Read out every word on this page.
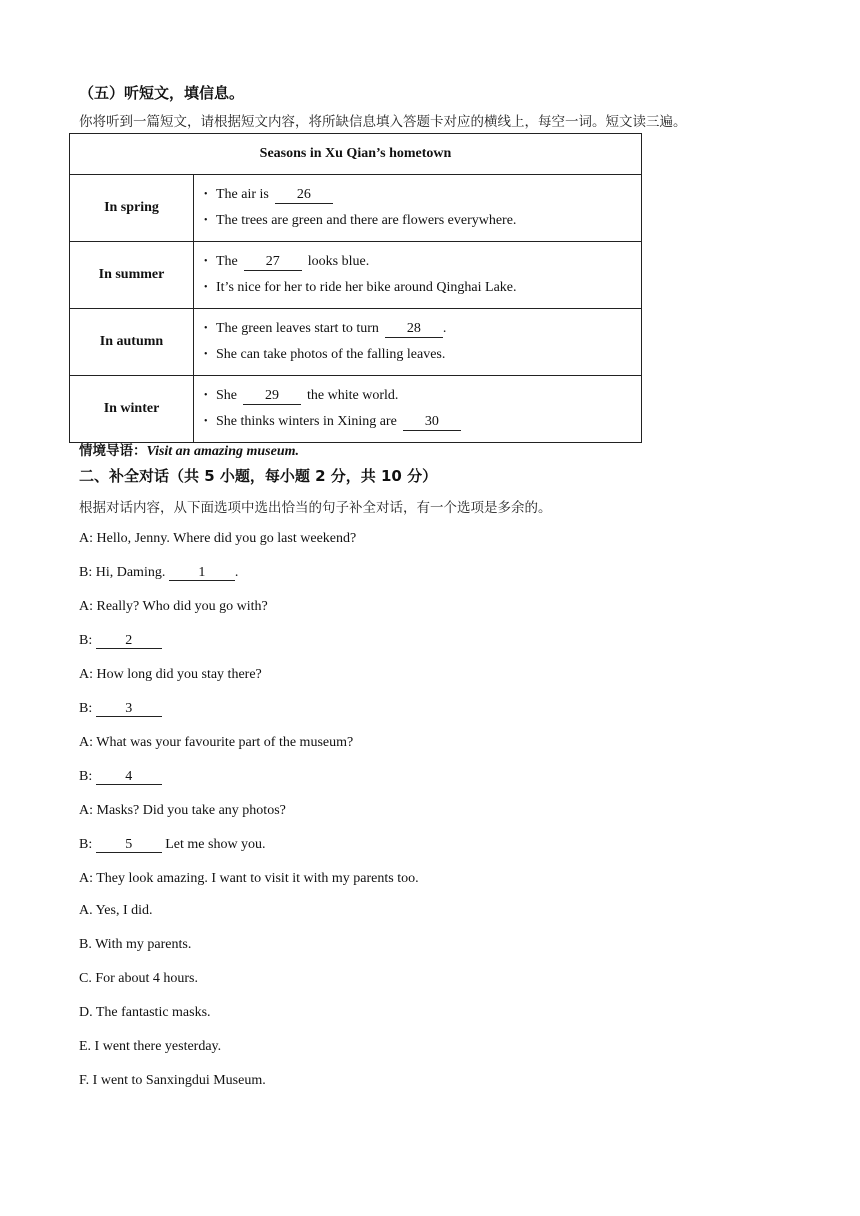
（五）听短文，填信息。
你将听到一篇短文，请根据短文内容，将所缺信息填入答题卡对应的横线上，每空一词。短文读三遍。
Seasons in Xu Qian’s hometown	
In spring	• The air is 26
• The trees are green and there are flowers everywhere.

In summer	• The 27 looks blue.
• It’s nice for her to ride her bike around Qinghai Lake.

In autumn	• The green leaves start to turn 28 .
• She can take photos of the falling leaves.

In winter	• She 29 the white world.
• She thinks winters in Xining are 30
情境导语：Visit an amazing museum.
二、补全对话（共 5 小题，每小题 2 分，共 10 分）
根据对话内容，从下面选项中选出恰当的句子补全对话，有一个选项是多余的。
A: Hello, Jenny. Where did you go last weekend?
B: Hi, Daming. 1 .
A: Really? Who did you go with?
B: 2
A: How long did you stay there?
B: 3
A: What was your favourite part of the museum?
B: 4
A: Masks? Did you take any photos?
B: 5 Let me show you.
A: They look amazing. I want to visit it with my parents too.
A. Yes, I did.
B. With my parents.
C. For about 4 hours.
D. The fantastic masks.
E. I went there yesterday.
F. I went to Sanxingdui Museum.
